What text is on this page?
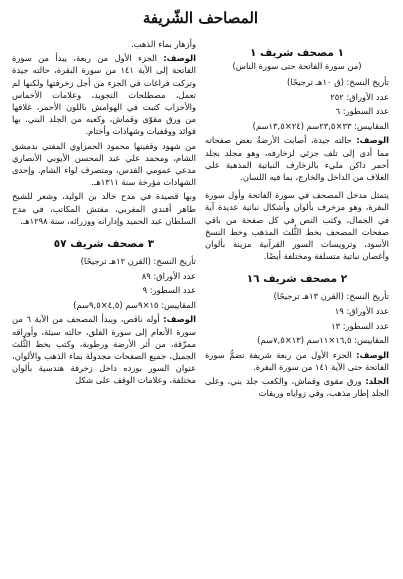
المصاحف الشّريفة
١ مصحف شريف ١
(من سورة الفاتحة حتى سورة الناس)

تأريخ النسخ: (ق ١٠هـ ترجيحًا)

عدد الأوراق: ٢٥٢

عدد السطور: ٦

المقاييس: ٣٣×٢٣,٥سم (٢٤×١٣,٥سم)

الوصف: حالته جيدة، أصابت الأرضةُ بعض صفحاته مما أدى إلى تلف جزئي لزخارفه، وهو مجلد بجلد أحمر داكن مليء بالزخارف النباتية المذهبة على الغلاف من الداخل والخارج، بما فيه اللسان.

يتمثل مدخل المصحف في سورة الفاتحة وأول سورة البقرة، وهو مزخرف بألوان وأشكال نباتية عديدة آية في الجمال، وكتب النص في كل صفحة من باقي صفحات المصحف بخط الثُّلث المذهب وخط النسخ الأسود، وترويسات السور القرآنية مزينة بألوان وأغصان نباتية متسلفة ومختلفة أيضًا.

٢ مصحف شريف ١٦

تأريخ النسخ: (القرن ١٣هـ ترجيحًا)

عدد الأوراق: ١٩

عدد السطور: ١٣

المقاييس: ١٦,٥×١١سم (١٣×٧,٥سم)

الوصف: الجزء الأول من ربعة شريفة تضمُّ سورة الفاتحة حتى الآية ١٤١ من سورة البقرة.

الجلد: ورق مقوى وقماش، والكعب جلد بني، وعلى الجلد إطار مذهب، وفي زواياه وريقات

وأزهار بماء الذهب.

الوصف: الجزء الأول من ربعة، يبدأ من سورة الفاتحة إلى الآية ١٤١ من سورة البقرة، حالته جيدة وتركت فراغات في الجزء من أجل زخرفتها ولكنها لم تعمل، مصطلحات التجويد، وعلامات الأخماس والأحزاب كتبت في الهوامش باللون الأحمر، غلافها من ورق مقوّى وقماش، وكعبه من الجلد البني. بها فوائد ووقفيات وشهادات وأختام.

من شهود وقفيتها محمود الحمزاوي المفتي بدمشق الشام، ومحمد علي عبد المحسن الأيوبي الأنصاري مدعي عمومي القدس، ومتصرف لواء الشام. وإحدى الشهادات مؤرخة سنة ١٣١١هـ.

وبها قصيدة في مدح خالد بن الوليد، وشعر للشيخ طاهر أفندي المغربي، مفتش المكاتب، في مدح السلطان عبد الحميد وإداراته ووزرائه، سنة ١٢٩٨هـ.

٣ مصحف شريف ٥٧

تأريخ النسخ: (القرن ١٢هـ ترجيحًا)

عدد الأوراق: ٨٩

عدد السطور: ٩

المقاييس: ١٥×٩سم (٤,٥×٩,٥سم)

الوصف: أوله ناقص، ويبدأ المصحف من الآية ٦ من سورة الأنعام إلى سورة الفلق، حالته سيئة، وأوراقه ممزّقة، من أثر الأرضة ورطوبة، وكتب بخط الثُّلث الجميل، جميع الصفحات مجدولة بماء الذهب والألوان، عنوان السور بورده داخل زخرفة هندسية بألوان مختلفة، وعلامات الوقف على شكل
